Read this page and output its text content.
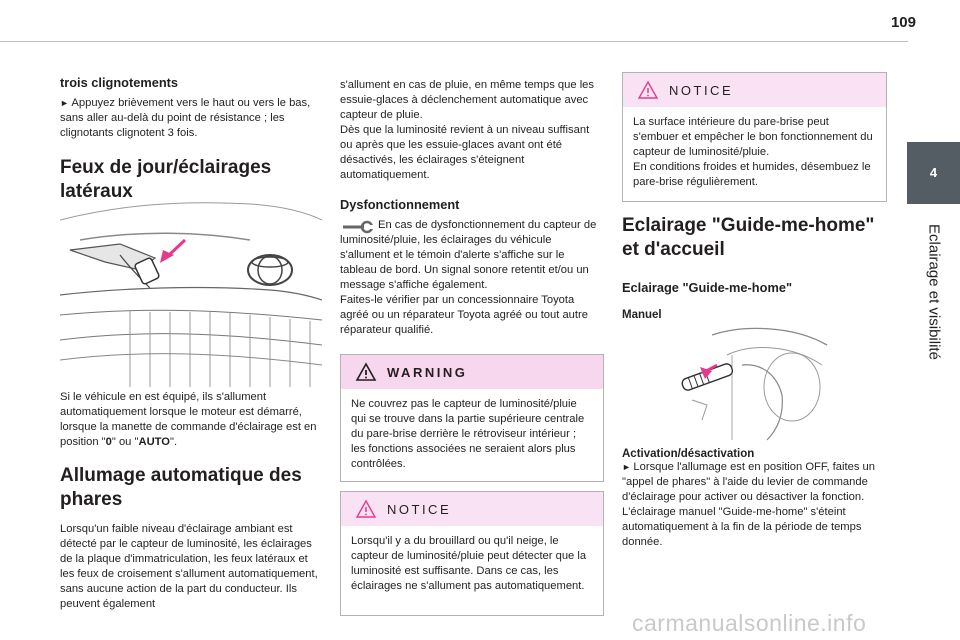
109
4
Eclairage et visibilité
trois clignotements

► Appuyez brièvement vers le haut ou vers le bas, sans aller au-delà du point de résistance ; les clignotants clignotent 3 fois.

Feux de jour/éclairages latéraux

Si le véhicule en est équipé, ils s'allument automatiquement lorsque le moteur est démarré, lorsque la manette de commande d'éclairage est en position "0" ou "AUTO".

Allumage automatique des phares

Lorsqu'un faible niveau d'éclairage ambiant est détecté par le capteur de luminosité, les éclairages de la plaque d'immatriculation, les feux latéraux et les feux de croisement s'allument automatiquement, sans aucune action de la part du conducteur. Ils peuvent également

s'allument en cas de pluie, en même temps que les essuie-glaces à déclenchement automatique avec capteur de pluie.

Dès que la luminosité revient à un niveau suffisant ou après que les essuie-glaces avant ont été désactivés, les éclairages s'éteignent automatiquement.

Dysfonctionnement

En cas de dysfonctionnement du capteur de luminosité/pluie, les éclairages du véhicule s'allument et le témoin d'alerte s'affiche sur le tableau de bord. Un signal sonore retentit et/ou un message s'affiche également.

Faites-le vérifier par un concessionnaire Toyota agréé ou un réparateur Toyota agréé ou tout autre réparateur qualifié.

WARNING

Ne couvrez pas le capteur de luminosité/pluie qui se trouve dans la partie supérieure centrale du pare-brise derrière le rétroviseur intérieur ; les fonctions associées ne seraient alors plus contrôlées.

NOTICE

Lorsqu'il y a du brouillard ou qu'il neige, le capteur de luminosité/pluie peut détecter que la luminosité est suffisante. Dans ce cas, les éclairages ne s'allument pas automatiquement.

NOTICE

La surface intérieure du pare-brise peut s'embuer et empêcher le bon fonctionnement du capteur de luminosité/pluie.

En conditions froides et humides, désembuez le pare-brise régulièrement.

Eclairage "Guide-me-home" et d'accueil
Eclairage "Guide-me-home"
Manuel
Activation/désactivation

► Lorsque l'allumage est en position OFF, faites un "appel de phares" à l'aide du levier de commande d'éclairage pour activer ou désactiver la fonction.

L'éclairage manuel "Guide-me-home" s'éteint automatiquement à la fin de la période de temps donnée.

carmanualsonline.info
